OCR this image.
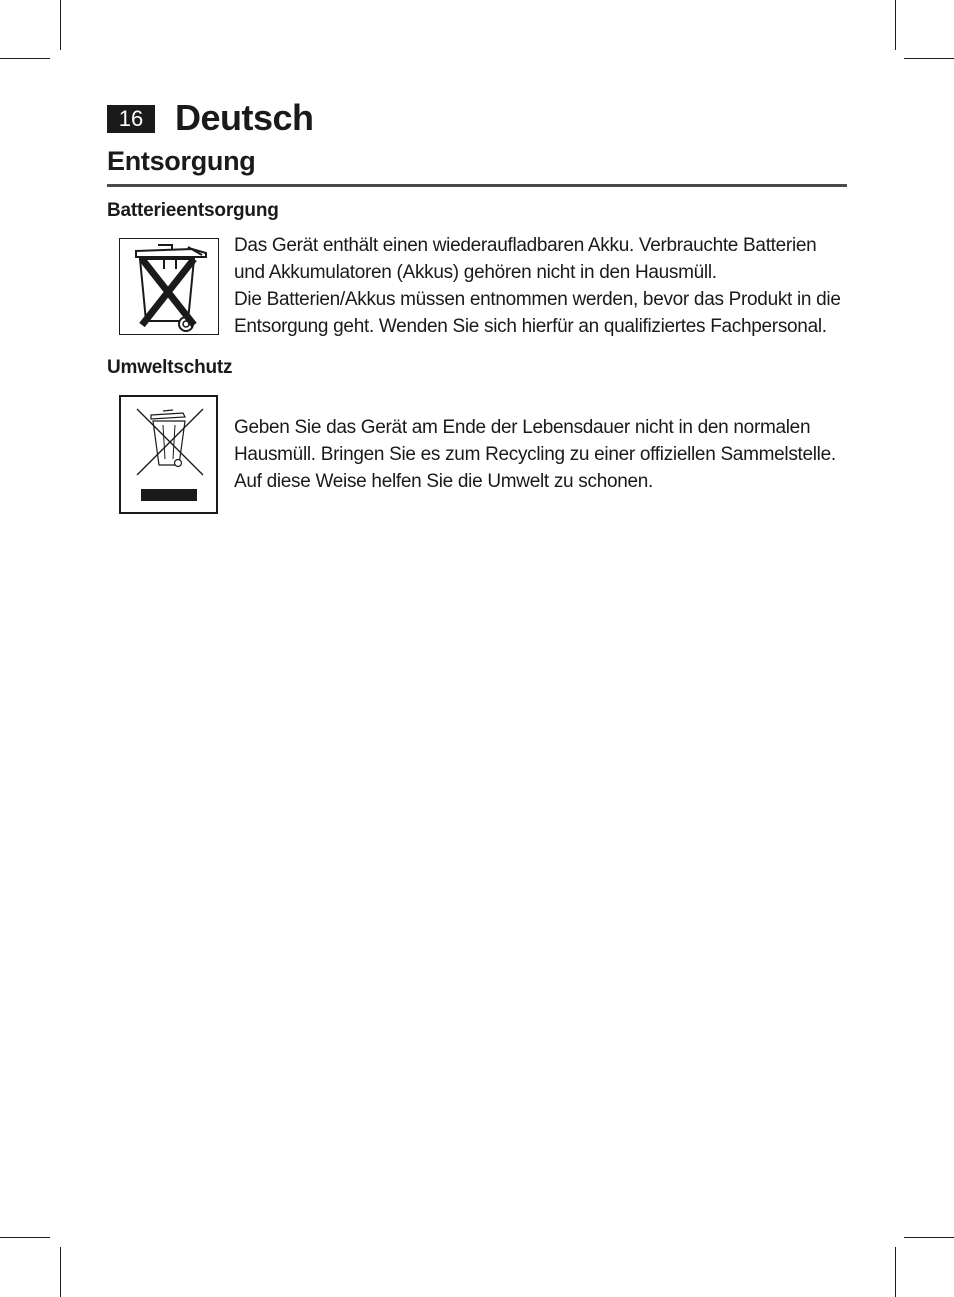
16 Deutsch
Entsorgung
Batterieentsorgung
Das Gerät enthält einen wiederaufladbaren Akku. Verbrauchte Batterien
und Akkumulatoren (Akkus) gehören nicht in den Hausmüll.
Die Batterien/Akkus müssen entnommen werden, bevor das Produkt in die
Entsorgung geht. Wenden Sie sich hierfür an qualifiziertes Fachpersonal.
Umweltschutz
Geben Sie das Gerät am Ende der Lebensdauer nicht in den normalen
Hausmüll. Bringen Sie es zum Recycling zu einer offiziellen Sammelstelle.
Auf diese Weise helfen Sie die Umwelt zu schonen.
